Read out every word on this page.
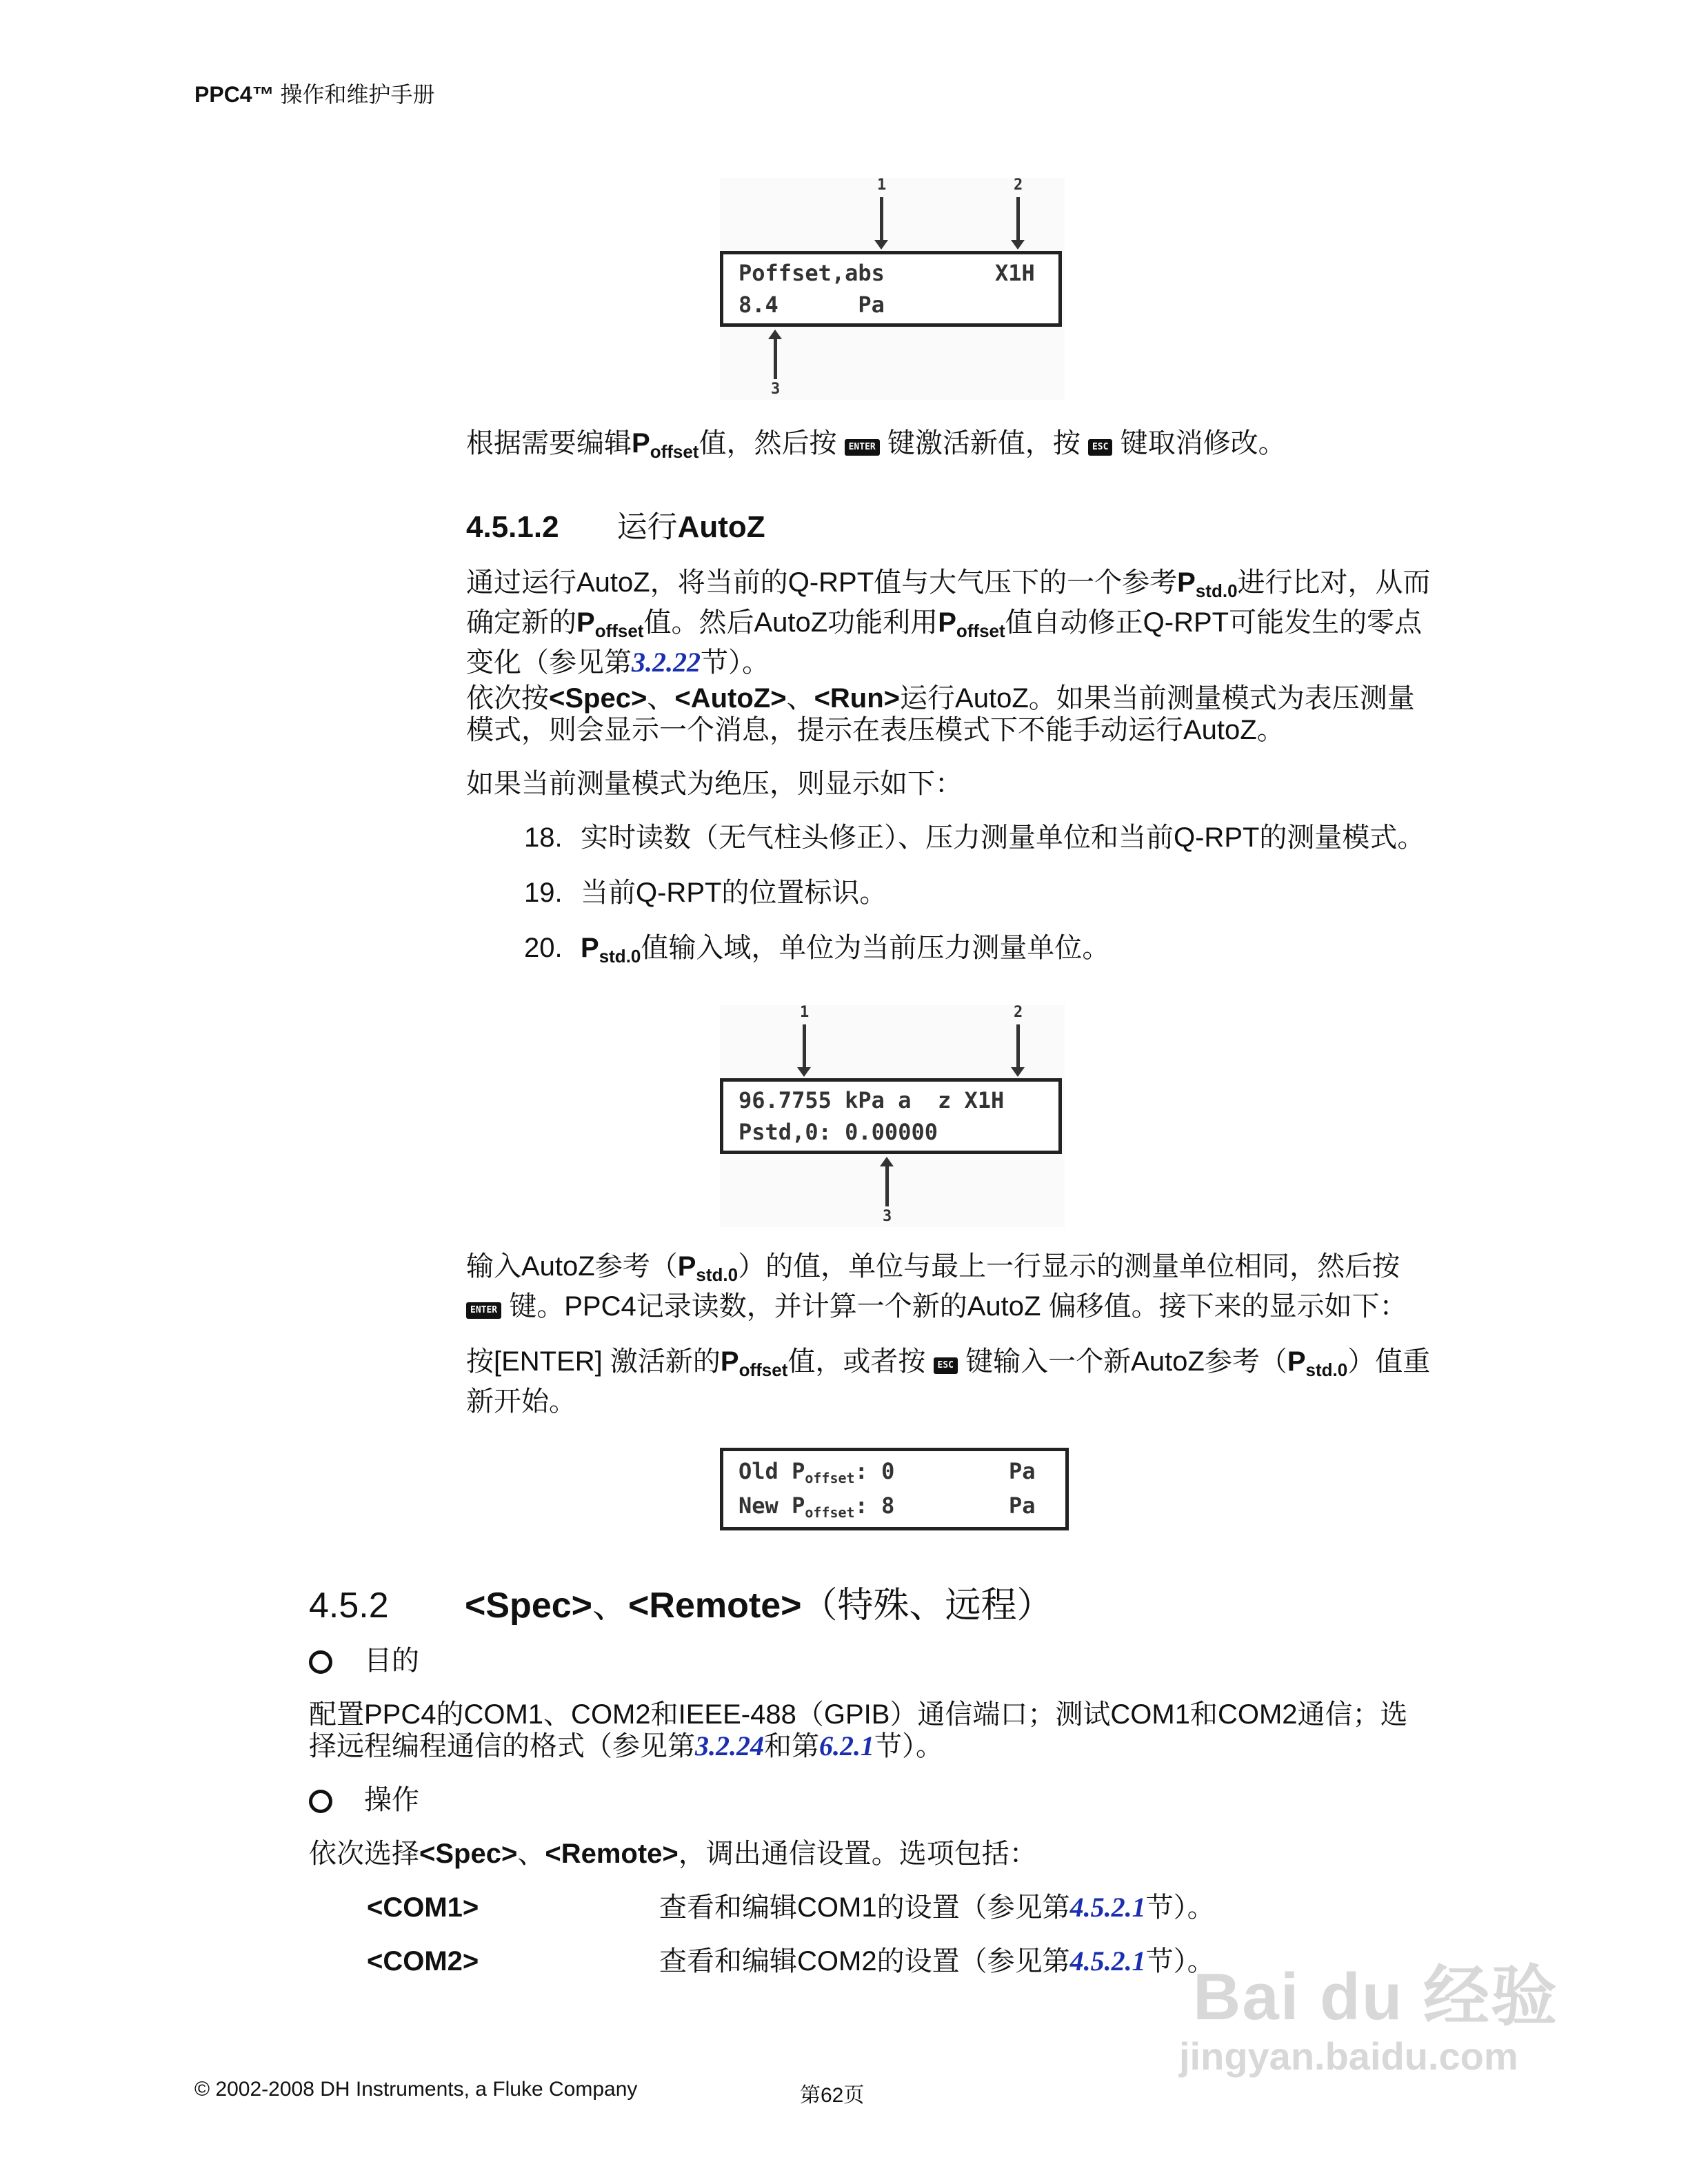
PPC4™ 操作和维护手册
1	2
Poffset,abs	X1H
8.4      Pa
3
根据需要编辑$P_{offset}$值，然后按 ENTER 键激活新值，按 ESC 键取消修改。
4.5.1.2 运行AutoZ
通过运行AutoZ，将当前的Q-RPT值与大气压下的一个参考$P_{std.0}$进行比对，从而
确定新的$P_{offset}$值。然后AutoZ功能利用$P_{offset}$值自动修正Q-RPT可能发生的零点
变化（参见第3.2.22节）。
依次按<Spec>、<AutoZ>、<Run>运行AutoZ。如果当前测量模式为表压测量
模式，则会显示一个消息，提示在表压模式下不能手动运行AutoZ。
如果当前测量模式为绝压，则显示如下：
18. 实时读数（无气柱头修正）、压力测量单位和当前Q-RPT的测量模式。
19. 当前Q-RPT的位置标识。
20. $P_{std.0}$值输入域，单位为当前压力测量单位。
1	2
96.7755 kPa a  z X1H
Pstd,0: 0.00000
3
输入AutoZ参考$(P_{std.0})$的值，单位与最上一行显示的测量单位相同，然后按
ENTER 键。PPC4记录读数，并计算一个新的AutoZ 偏移值。接下来的显示如下：
按[ENTER] 激活新的$P_{offset}$值，或者按 ESC 键输入一个新AutoZ参考$(P_{std.0})$值重
新开始。
Old Poffset: 0	Pa
New Poffset: 8	Pa
4.5.2 <Spec>、<Remote>（特殊、远程）
目的
配置PPC4的COM1、COM2和IEEE-488（GPIB）通信端口；测试COM1和COM2通信；选
择远程编程通信的格式（参见第3.2.24和第6.2.1节）。
操作
依次选择<Spec>、<Remote>，调出通信设置。选项包括：
<COM1>	查看和编辑COM1的设置（参见第4.5.2.1节）。
<COM2>	查看和编辑COM2的设置（参见第4.5.2.1节）。
Bai du 经验
jingyan.baidu.com
© 2002-2008 DH Instruments, a Fluke Company	第62页
